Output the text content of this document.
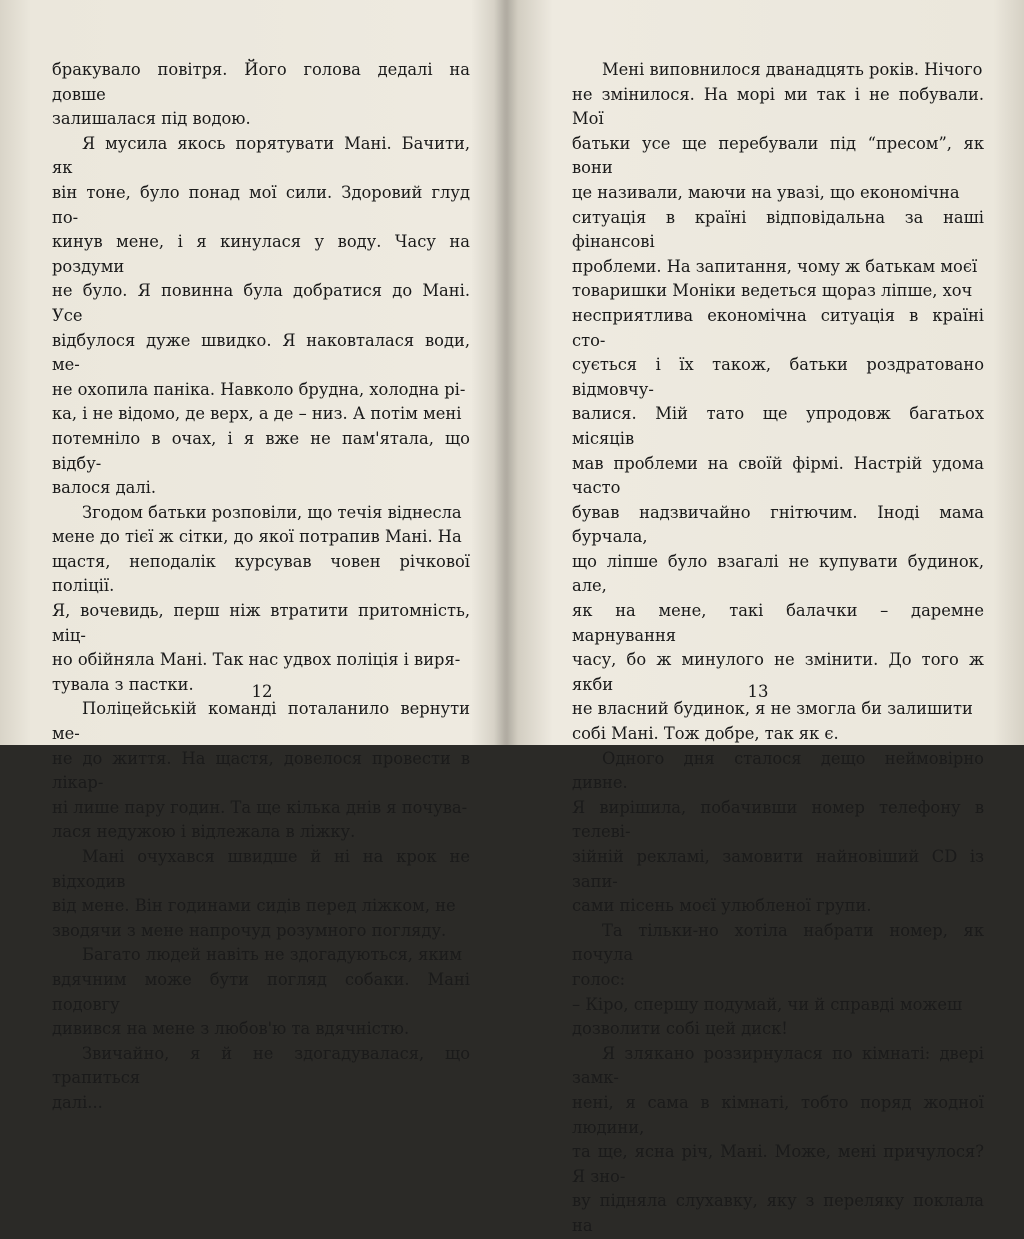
бракувало повітря. Його голова дедалі на довше
залишалася під водою.

Я мусила якось порятувати Мані. Бачити, як
він тоне, було понад мої сили. Здоровий глуд по-
кинув мене, і я кинулася у воду. Часу на роздуми
не було. Я повинна була добратися до Мані. Усе
відбулося дуже швидко. Я наковталася води, ме-
не охопила паніка. Навколо брудна, холодна рі-
ка, і не відомо, де верх, а де – низ. А потім мені
потемніло в очах, і я вже не пам'ятала, що відбу-
валося далі.

Згодом батьки розповіли, що течія віднесла
мене до тієї ж сітки, до якої потрапив Мані. На
щастя, неподалік курсував човен річкової поліції.
Я, вочевидь, перш ніж втратити притомність, міц-
но обійняла Мані. Так нас удвох поліція і виря-
тувала з пастки.

Поліцейській команді поталанило вернути ме-
не до життя. На щастя, довелося провести в лікар-
ні лише пару годин. Та ще кілька днів я почува-
лася недужою і відлежала в ліжку.

Мані очухався швидше й ні на крок не відходив
від мене. Він годинами сидів перед ліжком, не
зводячи з мене напрочуд розумного погляду.

Багато людей навіть не здогадуються, яким
вдячним може бути погляд собаки. Мані подовгу
дивився на мене з любов'ю та вдячністю.

Звичайно, я й не здогадувалася, що трапиться
далі...

12

Мені виповнилося дванадцять років. Нічого
не змінилося. На морі ми так і не побували. Мої
батьки усе ще перебували під “пресом”, як вони
це називали, маючи на увазі, що економічна
ситуація в країні відповідальна за наші фінансові
проблеми. На запитання, чому ж батькам моєї
товаришки Моніки ведеться щораз ліпше, хоч
несприятлива економічна ситуація в країні сто-
сується і їх також, батьки роздратовано відмовчу-
валися. Мій тато ще упродовж багатьох місяців
мав проблеми на своїй фірмі. Настрій удома часто
бував надзвичайно гнітючим. Іноді мама бурчала,
що ліпше було взагалі не купувати будинок, але,
як на мене, такі балачки – даремне марнування
часу, бо ж минулого не змінити. До того ж якби
не власний будинок, я не змогла би залишити
собі Мані. Тож добре, так як є.

Одного дня сталося дещо неймовірно дивне.
Я вирішила, побачивши номер телефону в телеві-
зійній рекламі, замовити найновіший CD із запи-
сами пісень моєї улюбленої групи.

Та тільки-но хотіла набрати номер, як почула
голос:

– Кіро, спершу подумай, чи й справді можеш
дозволити собі цей диск!

Я злякано роззирнулася по кімнаті: двері замк-
нені, я сама в кімнаті, тобто поряд жодної людини,
та ще, ясна річ, Мані. Може, мені причулося? Я зно-
ву підняла слухавку, яку з переляку поклала на

13
